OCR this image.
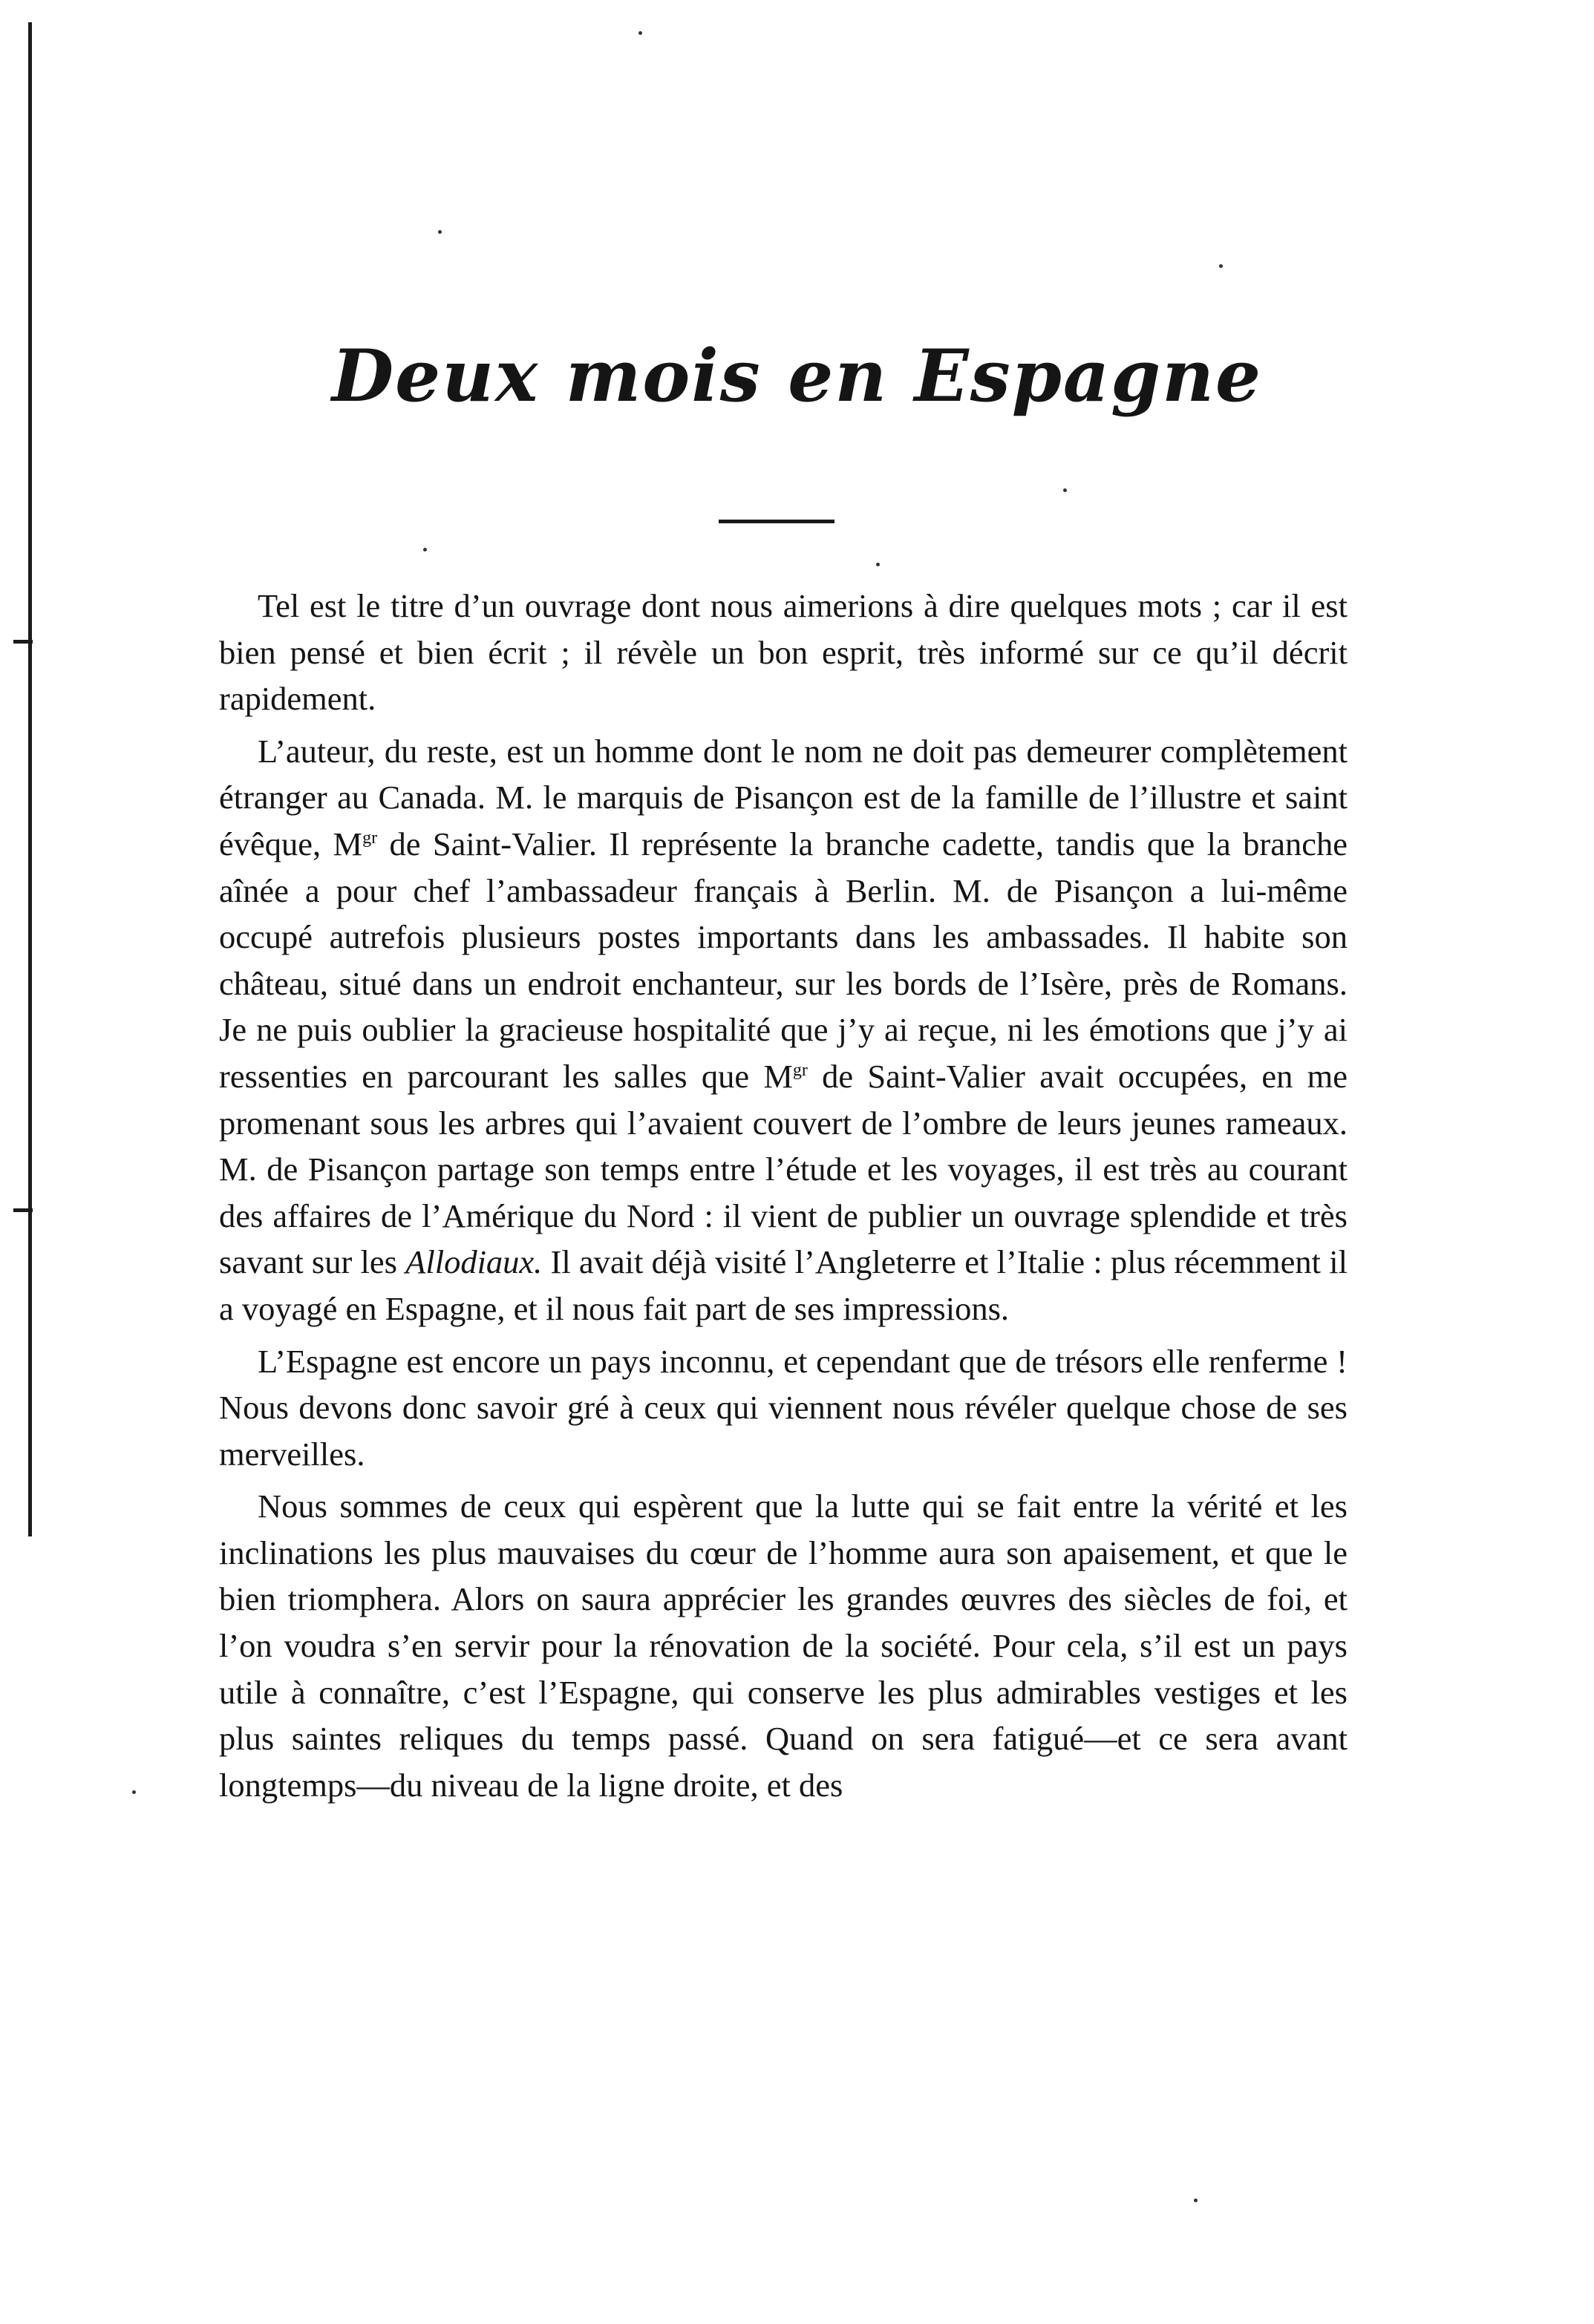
Deux mois en Espagne

Tel est le titre d’un ouvrage dont nous aimerions à dire quelques mots ; car il est bien pensé et bien écrit ; il révèle un bon esprit, très informé sur ce qu’il décrit rapidement.

L’auteur, du reste, est un homme dont le nom ne doit pas demeurer complètement étranger au Canada. M. le marquis de Pisançon est de la famille de l’illustre et saint évêque, $M^{gr}$ de Saint-Valier. Il représente la branche cadette, tandis que la branche aînée a pour chef l’ambassadeur français à Berlin. M. de Pisançon a lui-même occupé autrefois plusieurs postes importants dans les ambassades. Il habite son château, situé dans un endroit enchanteur, sur les bords de l’Isère, près de Romans. Je ne puis oublier la gracieuse hospitalité que j’y ai reçue, ni les émotions que j’y ai ressenties en parcourant les salles que $M^{gr}$ de Saint-Valier avait occupées, en me promenant sous les arbres qui l’avaient couvert de l’ombre de leurs jeunes rameaux. M. de Pisançon partage son temps entre l’étude et les voyages, il est très au courant des affaires de l’Amérique du Nord : il vient de publier un ouvrage splendide et très savant sur les Allodiaux. Il avait déjà visité l’Angleterre et l’Italie : plus récemment il a voyagé en Espagne, et il nous fait part de ses impressions.

L’Espagne est encore un pays inconnu, et cependant que de trésors elle renferme ! Nous devons donc savoir gré à ceux qui viennent nous révéler quelque chose de ses merveilles.

Nous sommes de ceux qui espèrent que la lutte qui se fait entre la vérité et les inclinations les plus mauvaises du cœur de l’homme aura son apaisement, et que le bien triomphera. Alors on saura apprécier les grandes œuvres des siècles de foi, et l’on voudra s’en servir pour la rénovation de la société. Pour cela, s’il est un pays utile à connaître, c’est l’Espagne, qui conserve les plus admirables vestiges et les plus saintes reliques du temps passé. Quand on sera fatigué—et ce sera avant longtemps—du niveau de la ligne droite, et des
